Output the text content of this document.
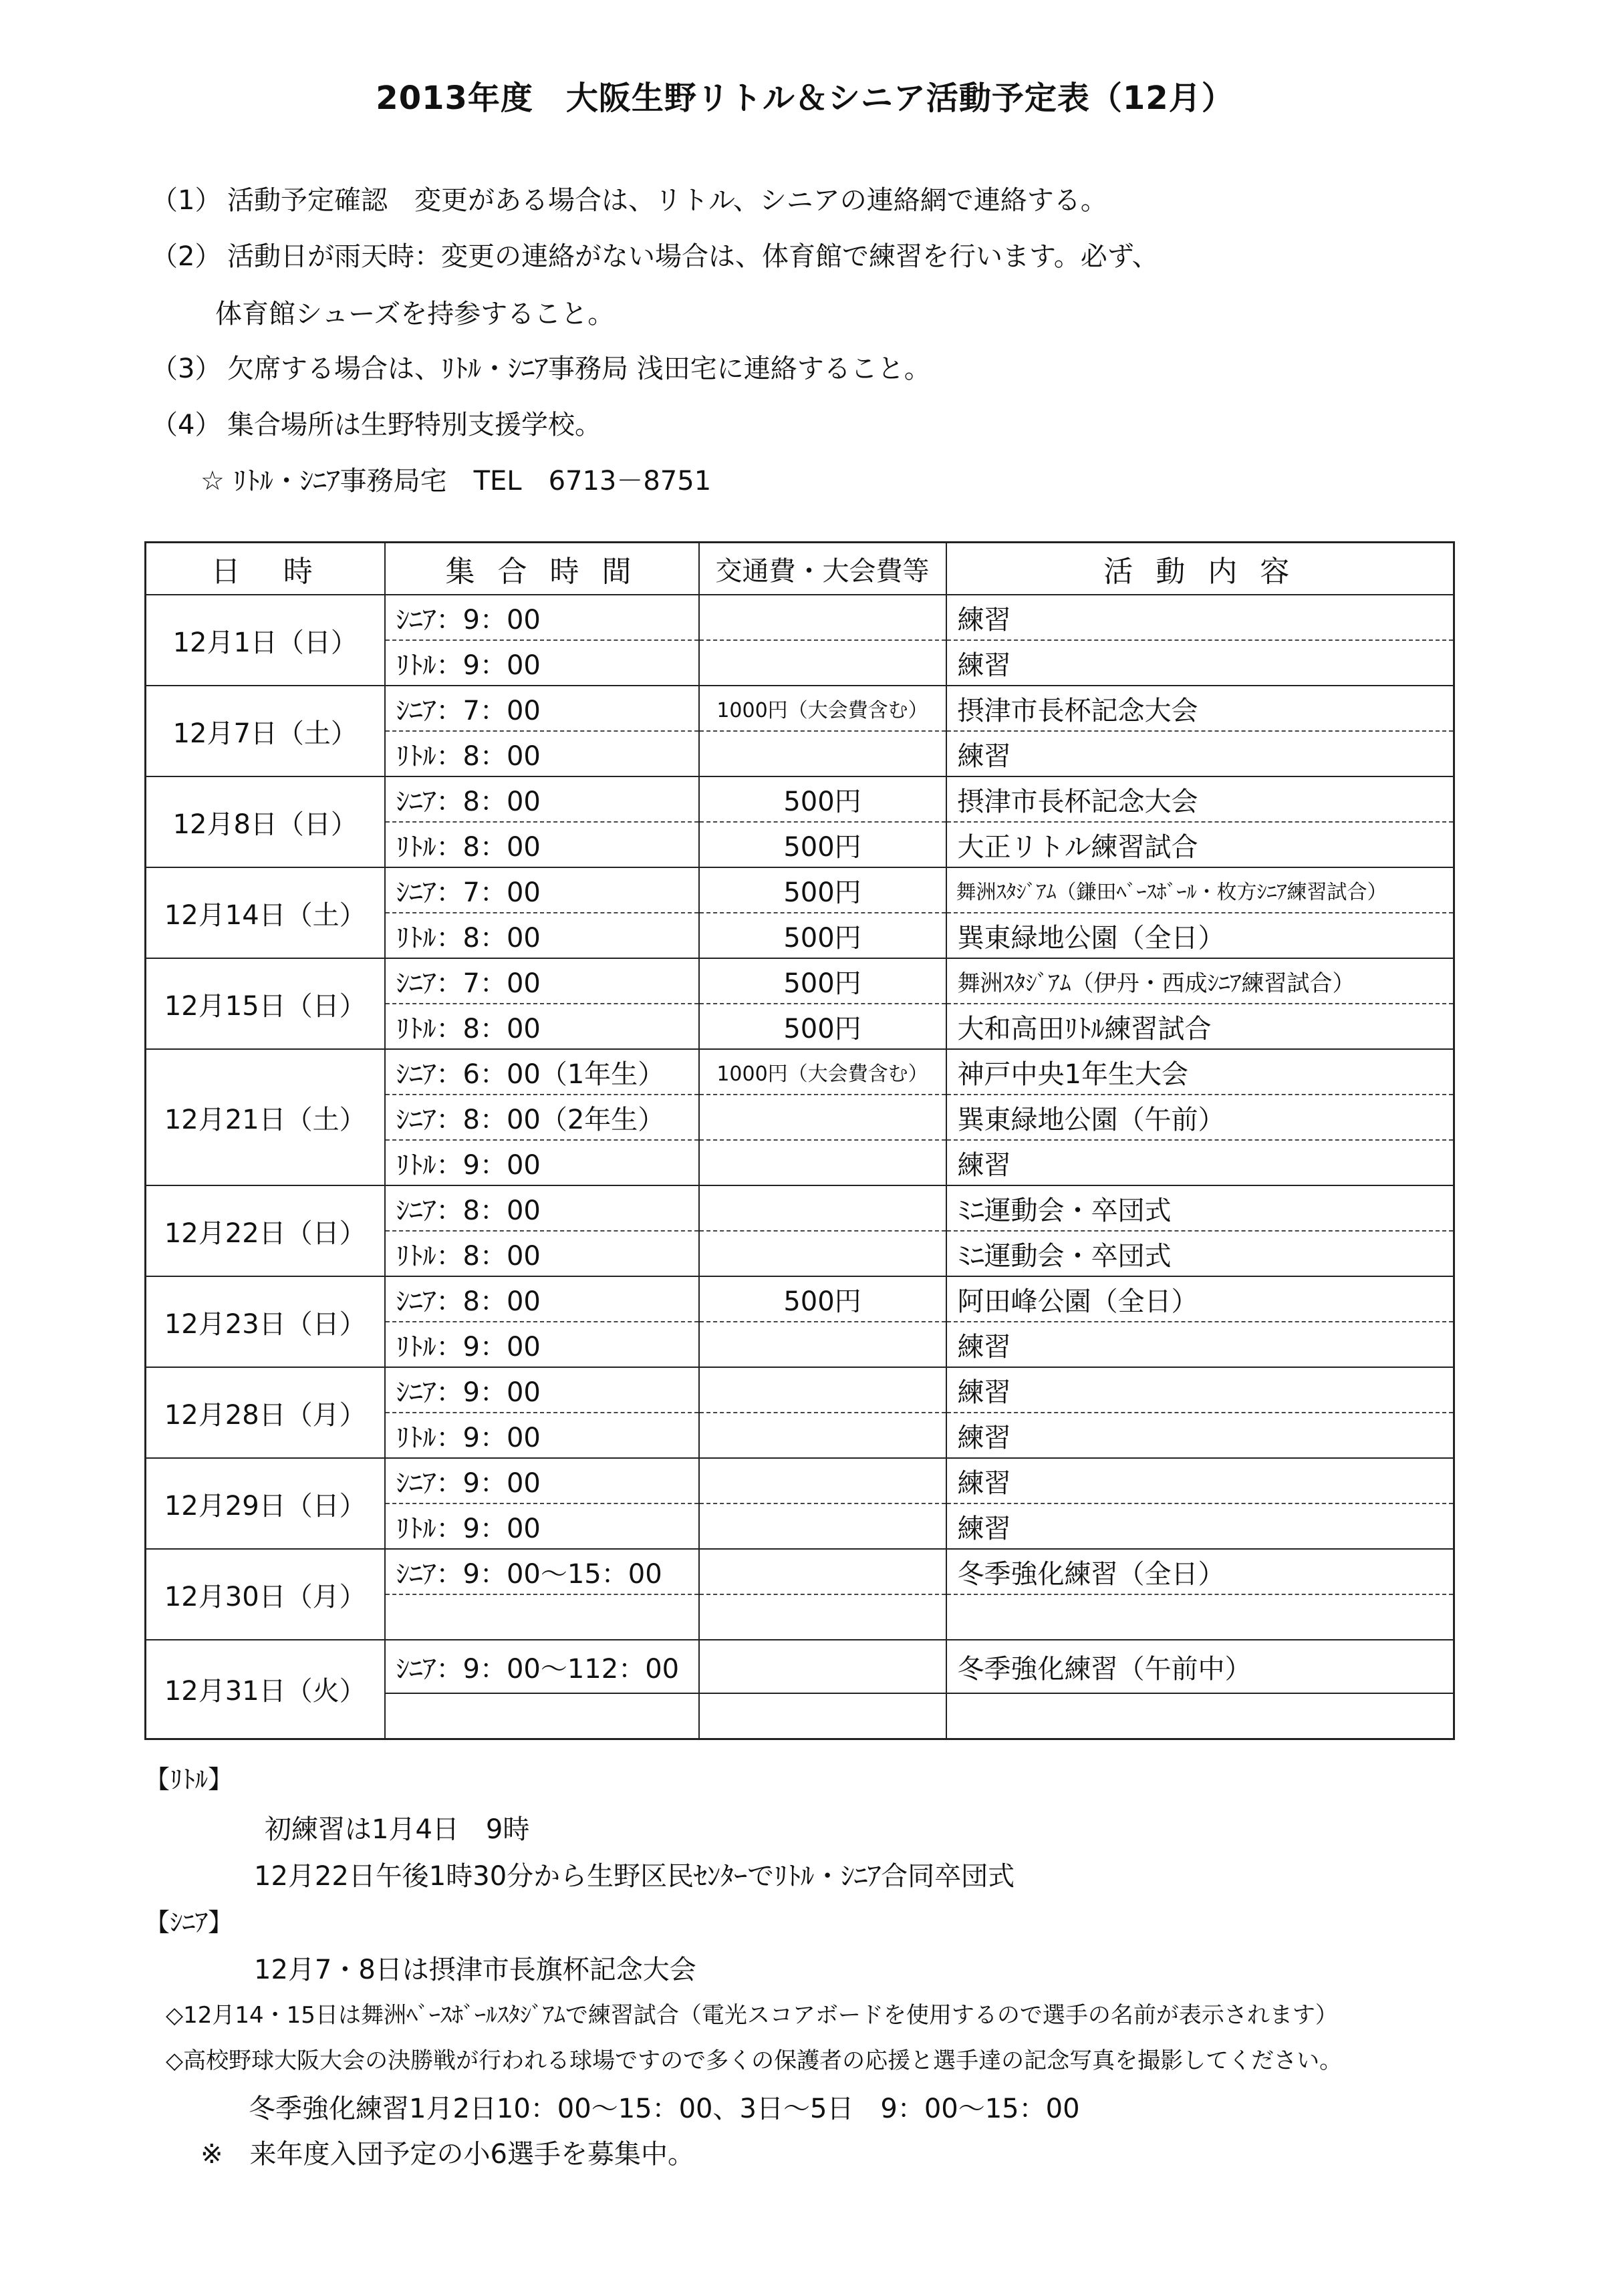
2013年度　大阪生野リトル＆シニア活動予定表（12月）
（1） 活動予定確認　変更がある場合は、リトル、シニアの連絡網で連絡する。
（2） 活動日が雨天時：変更の連絡がない場合は、体育館で練習を行います。必ず、
体育館シューズを持参すること。
（3） 欠席する場合は、ﾘﾄﾙ・ｼﾆｱ事務局 浅田宅に連絡すること。
（4） 集合場所は生野特別支援学校。
☆ ﾘﾄﾙ・ｼﾆｱ事務局宅　TEL　6713－8751
日　時	集 合 時 間	交通費・大会費等	活 動 内 容
12月1日（日）	ｼﾆｱ：9：00		練習
	ﾘﾄﾙ：9：00		練習
12月7日（土）	ｼﾆｱ：7：00	1000円（大会費含む）	摂津市長杯記念大会
	ﾘﾄﾙ：8：00		練習
12月8日（日）	ｼﾆｱ：8：00	500円	摂津市長杯記念大会
	ﾘﾄﾙ：8：00	500円	大正リトル練習試合
12月14日（土）	ｼﾆｱ：7：00	500円	舞洲ｽﾀｼﾞｱﾑ（鎌田ﾍﾞｰｽﾎﾞｰﾙ・枚方ｼﾆｱ練習試合）
	ﾘﾄﾙ：8：00	500円	巽東緑地公園（全日）
12月15日（日）	ｼﾆｱ：7：00	500円	舞洲ｽﾀｼﾞｱﾑ（伊丹・西成ｼﾆｱ練習試合）
	ﾘﾄﾙ：8：00	500円	大和高田ﾘﾄﾙ練習試合
12月21日（土）	ｼﾆｱ：6：00（1年生）	1000円（大会費含む）	神戸中央1年生大会
	ｼﾆｱ：8：00（2年生）		巽東緑地公園（午前）
	ﾘﾄﾙ：9：00		練習
12月22日（日）	ｼﾆｱ：8：00		ﾐﾆ運動会・卒団式
	ﾘﾄﾙ：8：00		ﾐﾆ運動会・卒団式
12月23日（日）	ｼﾆｱ：8：00	500円	阿田峰公園（全日）
	ﾘﾄﾙ：9：00		練習
12月28日（月）	ｼﾆｱ：9：00		練習
	ﾘﾄﾙ：9：00		練習
12月29日（日）	ｼﾆｱ：9：00		練習
	ﾘﾄﾙ：9：00		練習
12月30日（月）	ｼﾆｱ：9：00～15：00		冬季強化練習（全日）

12月31日（火）	ｼﾆｱ：9：00～112：00		冬季強化練習（午前中）

【ﾘﾄﾙ】
初練習は1月4日　9時
12月22日午後1時30分から生野区民ｾﾝﾀｰでﾘﾄﾙ・ｼﾆｱ合同卒団式
【ｼﾆｱ】
12月7・8日は摂津市長旗杯記念大会
◇12月14・15日は舞洲ﾍﾞｰｽﾎﾞｰﾙｽﾀｼﾞｱﾑで練習試合（電光スコアボードを使用するので選手の名前が表示されます）
◇高校野球大阪大会の決勝戦が行われる球場ですので多くの保護者の応援と選手達の記念写真を撮影してください。
冬季強化練習1月2日10：00～15：00、3日～5日　9：00～15：00
※　来年度入団予定の小6選手を募集中。
